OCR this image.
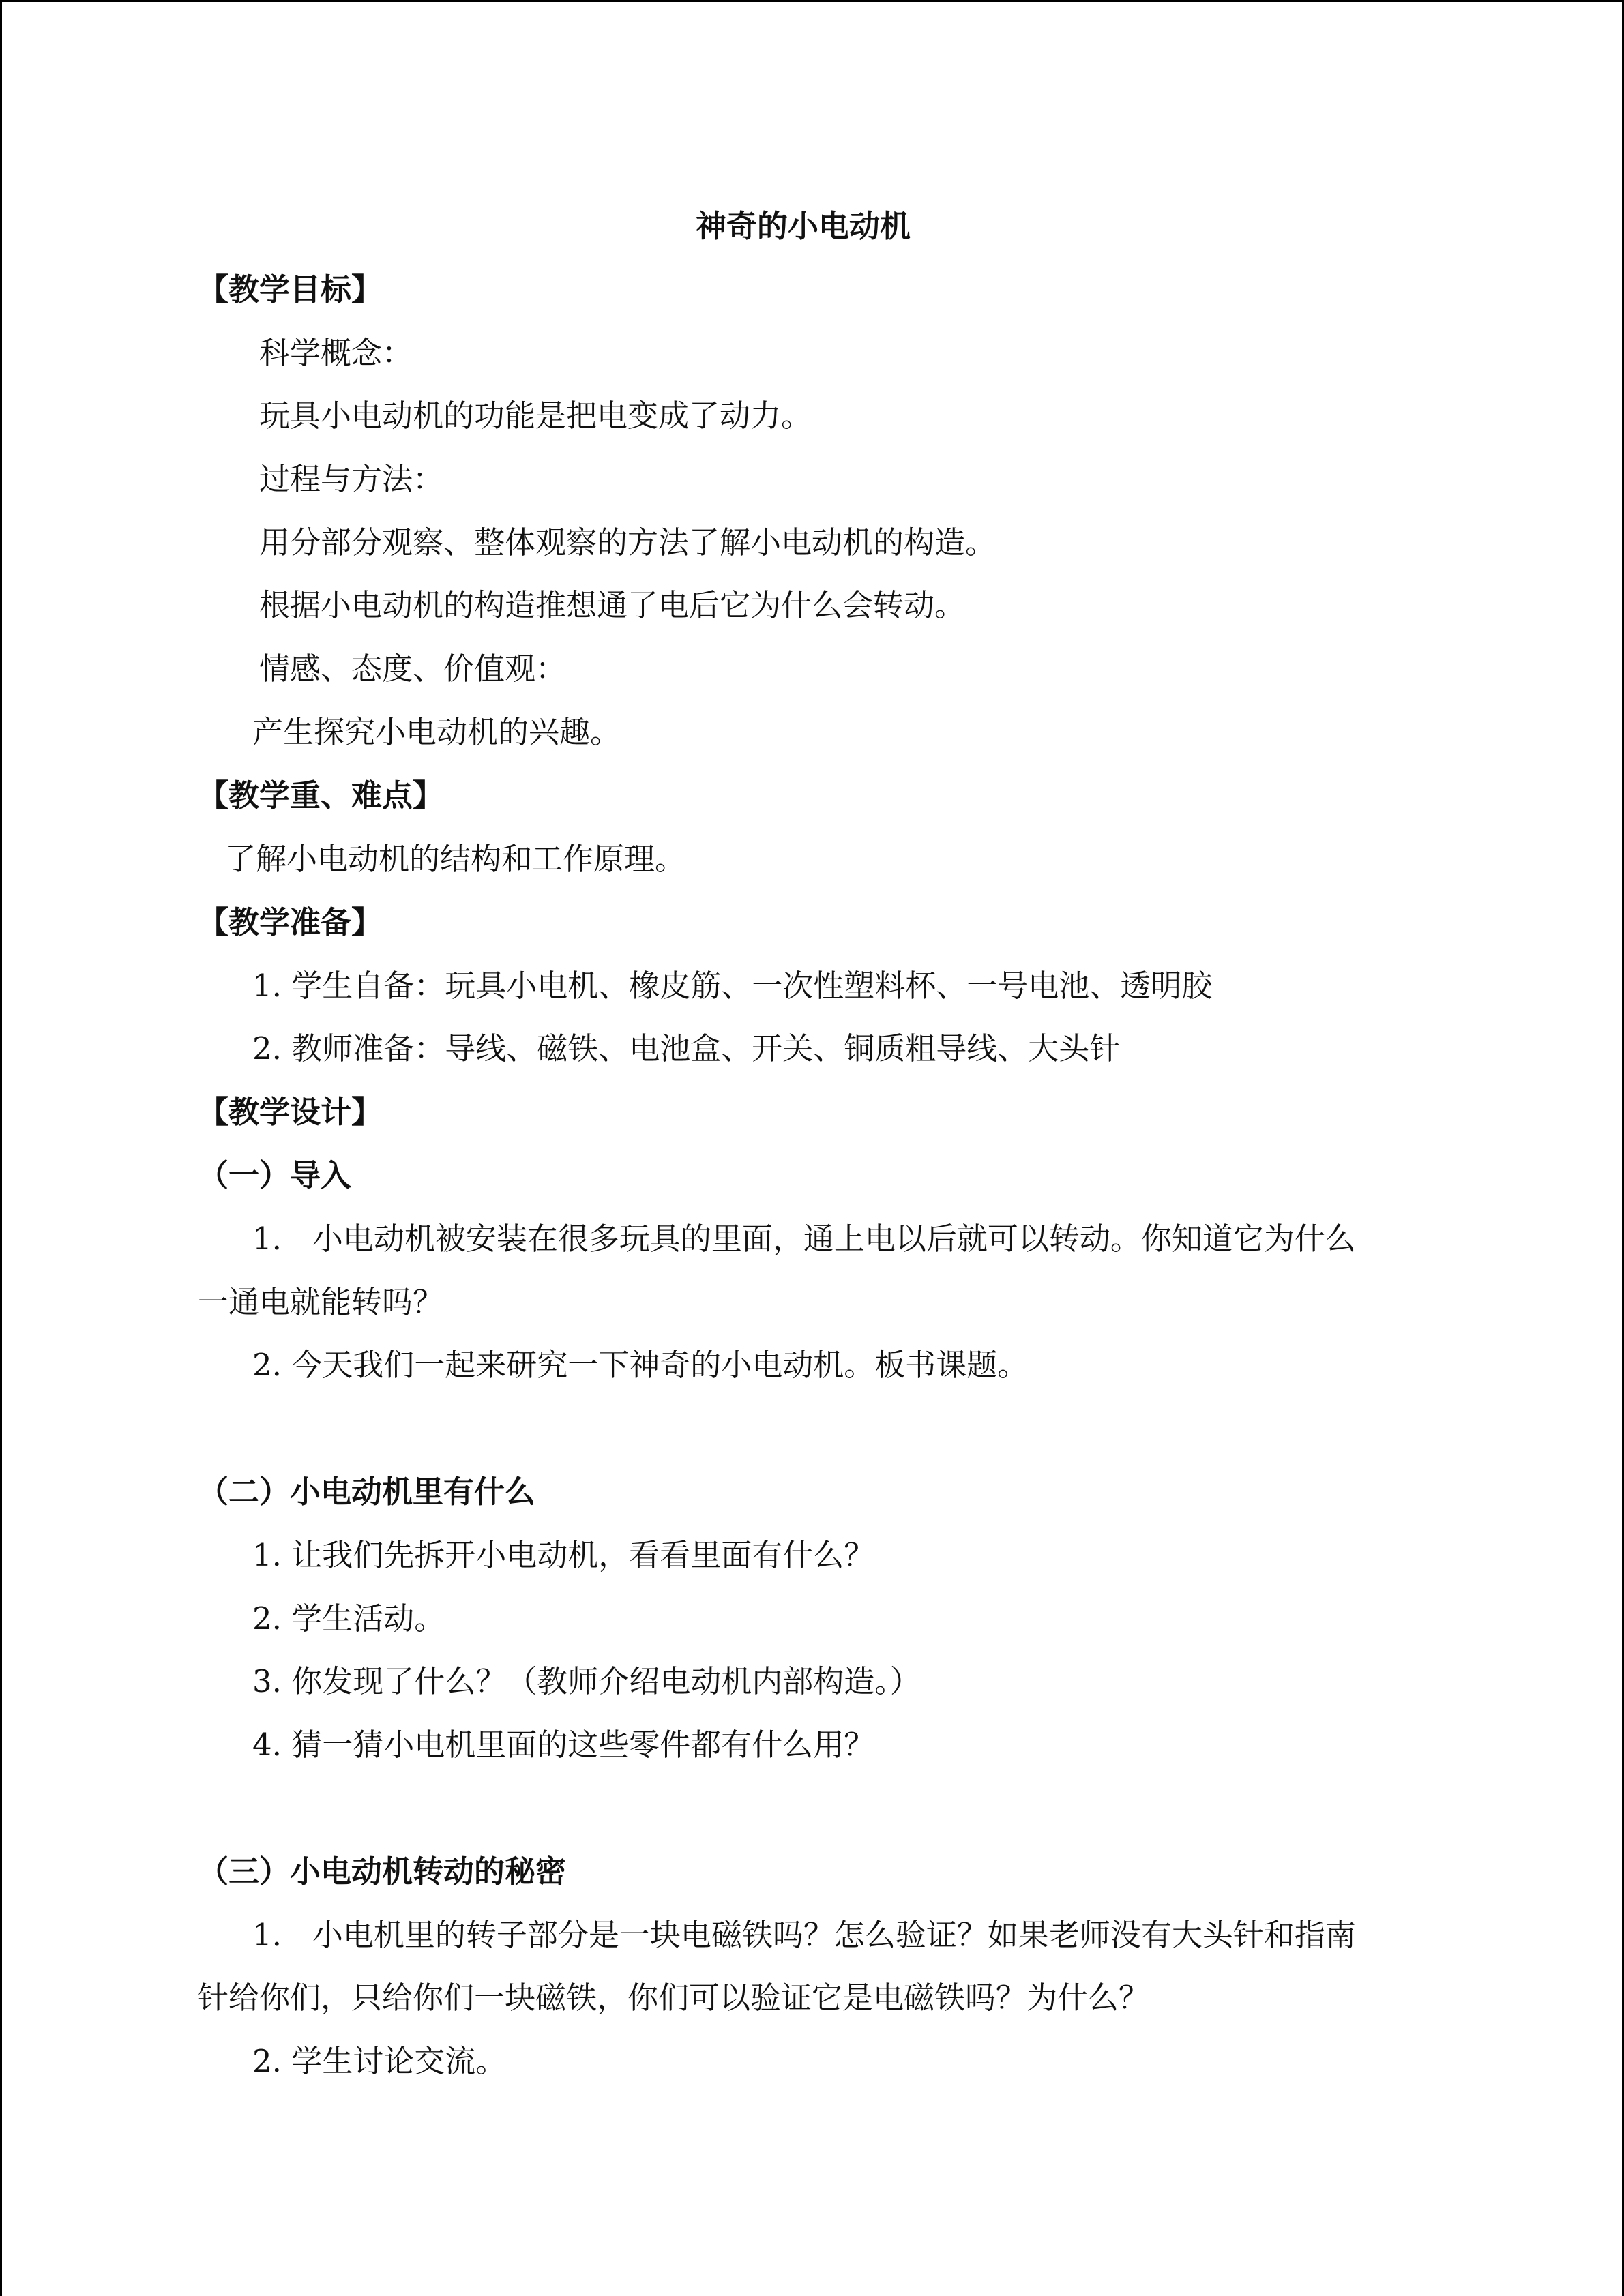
神奇的小电动机
【教学目标】
科学概念：
玩具小电动机的功能是把电变成了动力。
过程与方法：
用分部分观察、整体观察的方法了解小电动机的构造。
根据小电动机的构造推想通了电后它为什么会转动。
情感、态度、价值观：
产生探究小电动机的兴趣。
【教学重、难点】
了解小电动机的结构和工作原理。
【教学准备】
1. 学生自备：玩具小电机、橡皮筋、一次性塑料杯、一号电池、透明胶
2. 教师准备：导线、磁铁、电池盒、开关、铜质粗导线、大头针
【教学设计】
（一）导入
1.　小电动机被安装在很多玩具的里面，通上电以后就可以转动。你知道它为什么
一通电就能转吗？
2. 今天我们一起来研究一下神奇的小电动机。板书课题。
（二）小电动机里有什么
1. 让我们先拆开小电动机，看看里面有什么？
2. 学生活动。
3. 你发现了什么？（教师介绍电动机内部构造。）
4. 猜一猜小电机里面的这些零件都有什么用？
（三）小电动机转动的秘密
1.　小电机里的转子部分是一块电磁铁吗？怎么验证？如果老师没有大头针和指南
针给你们，只给你们一块磁铁，你们可以验证它是电磁铁吗？为什么？
2. 学生讨论交流。
